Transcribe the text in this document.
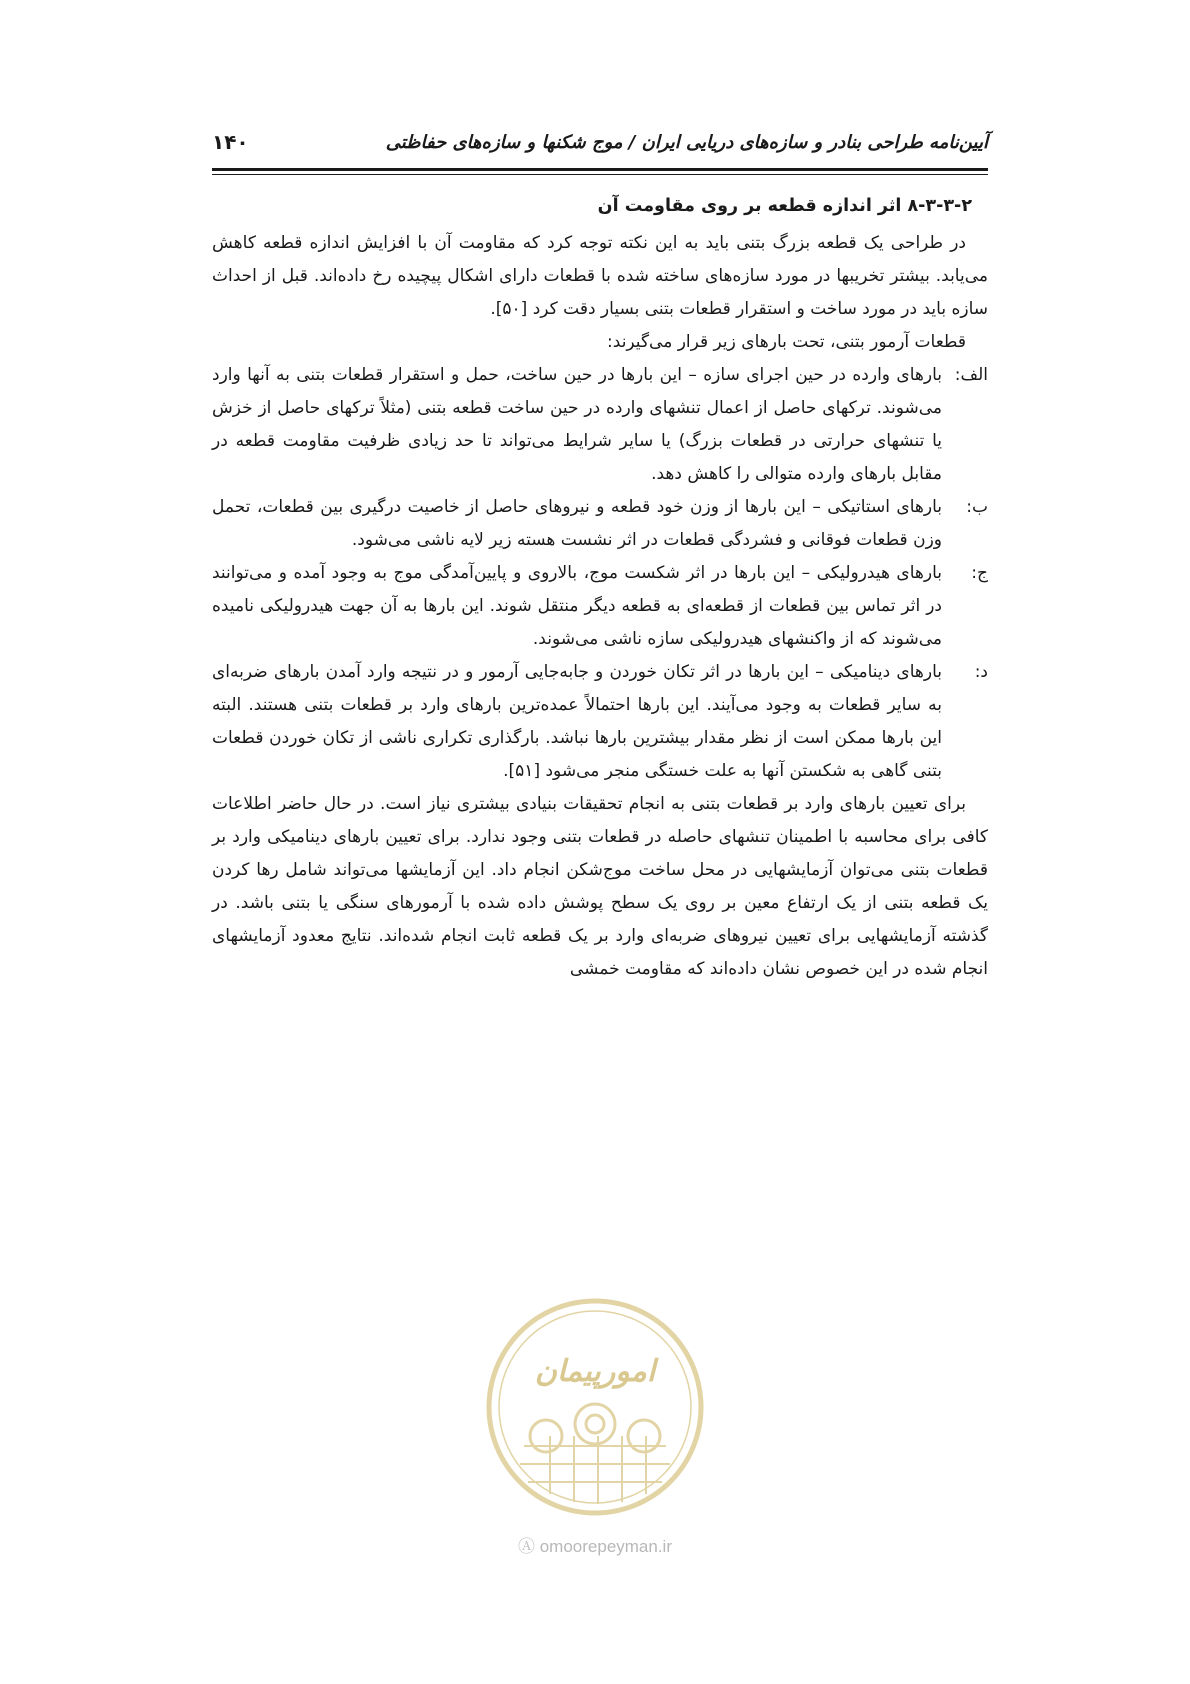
آیین‌نامه طراحی بنادر و سازه‌های دریایی ایران / موج شکنها و سازه‌های حفاظتی
۱۴۰

۸-۳-۳-۲ اثر اندازه قطعه بر روی مقاومت آن

در طراحی یک قطعه بزرگ بتنی باید به این نکته توجه کرد که مقاومت آن با افزایش اندازه قطعه کاهش می‌یابد. بیشتر تخریبها در مورد سازه‌های ساخته شده با قطعات دارای اشکال پیچیده رخ داده‌اند. قبل از احداث سازه باید در مورد ساخت و استقرار قطعات بتنی بسیار دقت کرد [۵۰].

قطعات آرمور بتنی، تحت بارهای زیر قرار می‌گیرند:

الف:
بارهای وارده در حین اجرای سازه – این بارها در حین ساخت، حمل و استقرار قطعات بتنی به آنها وارد می‌شوند. ترکهای حاصل از اعمال تنشهای وارده در حین ساخت قطعه بتنی (مثلاً ترکهای حاصل از خزش یا تنشهای حرارتی در قطعات بزرگ) یا سایر شرایط می‌تواند تا حد زیادی ظرفیت مقاومت قطعه در مقابل بارهای وارده متوالی را کاهش دهد.
ب:
بارهای استاتیکی – این بارها از وزن خود قطعه و نیروهای حاصل از خاصیت درگیری بین قطعات، تحمل وزن قطعات فوقانی و فشردگی قطعات در اثر نشست هسته زیر لایه ناشی می‌شود.
ج:
بارهای هیدرولیکی – این بارها در اثر شکست موج، بالاروی و پایین‌آمدگی موج به وجود آمده و می‌توانند در اثر تماس بین قطعات از قطعه‌ای به قطعه دیگر منتقل شوند. این بارها به آن جهت هیدرولیکی نامیده می‌شوند که از واکنشهای هیدرولیکی سازه ناشی می‌شوند.
د:
بارهای دینامیکی – این بارها در اثر تکان خوردن و جابه‌جایی آرمور و در نتیجه وارد آمدن بارهای ضربه‌ای به سایر قطعات به وجود می‌آیند. این بارها احتمالاً عمده‌ترین بارهای وارد بر قطعات بتنی هستند. البته این بارها ممکن است از نظر مقدار بیشترین بارها نباشد. بارگذاری تکراری ناشی از تکان خوردن قطعات بتنی گاهی به شکستن آنها به علت خستگی منجر می‌شود [۵۱].

برای تعیین بارهای وارد بر قطعات بتنی به انجام تحقیقات بنیادی بیشتری نیاز است. در حال حاضر اطلاعات کافی برای محاسبه با اطمینان تنشهای حاصله در قطعات بتنی وجود ندارد. برای تعیین بارهای دینامیکی وارد بر قطعات بتنی می‌توان آزمایشهایی در محل ساخت موج‌شکن انجام داد. این آزمایشها می‌تواند شامل رها کردن یک قطعه بتنی از یک ارتفاع معین بر روی یک سطح پوشش داده شده با آرمورهای سنگی یا بتنی باشد. در گذشته آزمایشهایی برای تعیین نیروهای ضربه‌ای وارد بر یک قطعه ثابت انجام شده‌اند. نتایج معدود آزمایشهای انجام شده در این خصوص نشان داده‌اند که مقاومت خمشی

امورپیمان
Ⓐ omoorepeyman.ir
